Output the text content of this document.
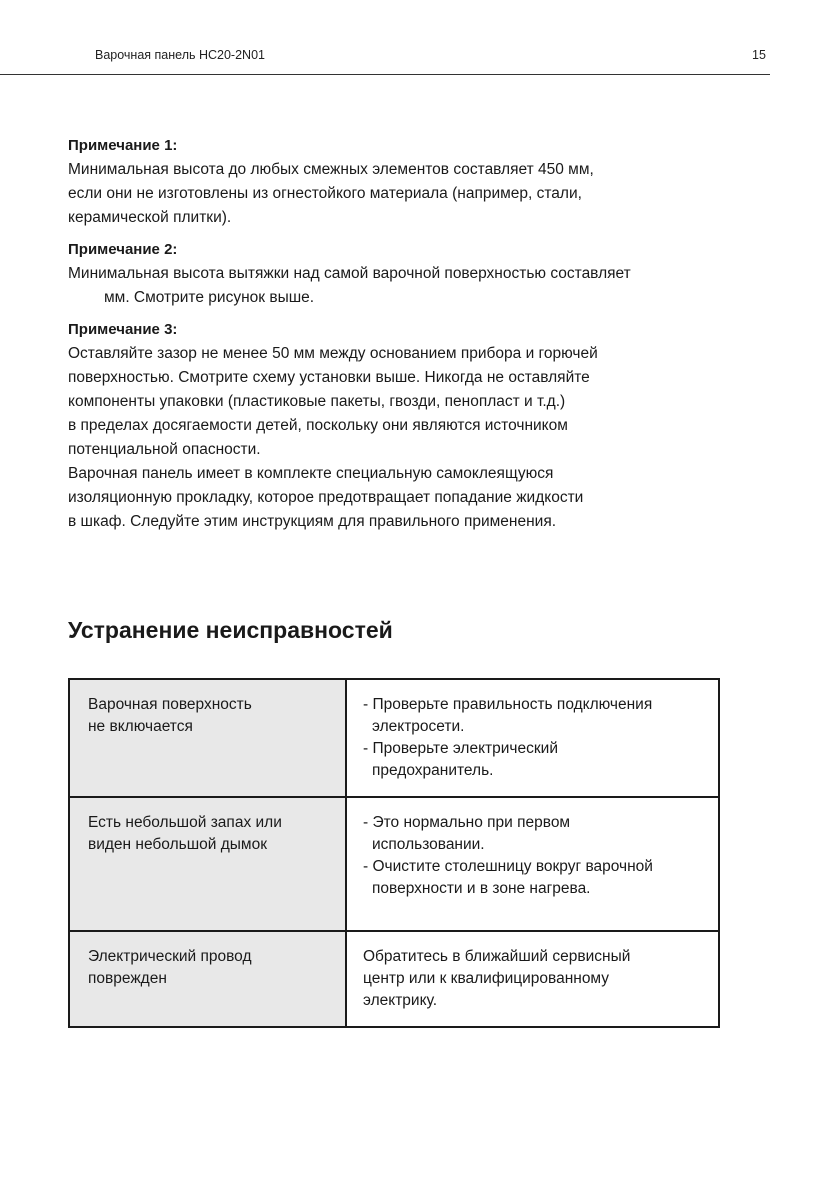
Варочная панель HC20-2N01	15
Примечание 1:
Минимальная высота до любых смежных элементов составляет 450 мм,
если они не изготовлены из огнестойкого материала (например, стали,
керамической плитки).
Примечание 2:
Минимальная высота вытяжки над самой варочной поверхностью составляет
мм. Смотрите рисунок выше.
Примечание 3:
Оставляйте зазор не менее 50 мм между основанием прибора и горючей
поверхностью. Смотрите схему установки выше. Никогда не оставляйте
компоненты упаковки (пластиковые пакеты, гвозди, пенопласт и т.д.)
в пределах досягаемости детей, поскольку они являются источником
потенциальной опасности.
Варочная панель имеет в комплекте специальную самоклеящуюся
изоляционную прокладку, которое предотвращает попадание жидкости
в шкаф. Следуйте этим инструкциям для правильного применения.
Устранение неисправностей
Варочная поверхность
не включается	- Проверьте правильность подключения
электросети.
- Проверьте электрический
предохранитель.

Есть небольшой запах или
виден небольшой дымок	- Это нормально при первом
использовании.
- Очистите столешницу вокруг варочной
поверхности и в зоне нагрева.

Электрический провод
поврежден	Обратитесь в ближайший сервисный
центр или к квалифицированному
электрику.
